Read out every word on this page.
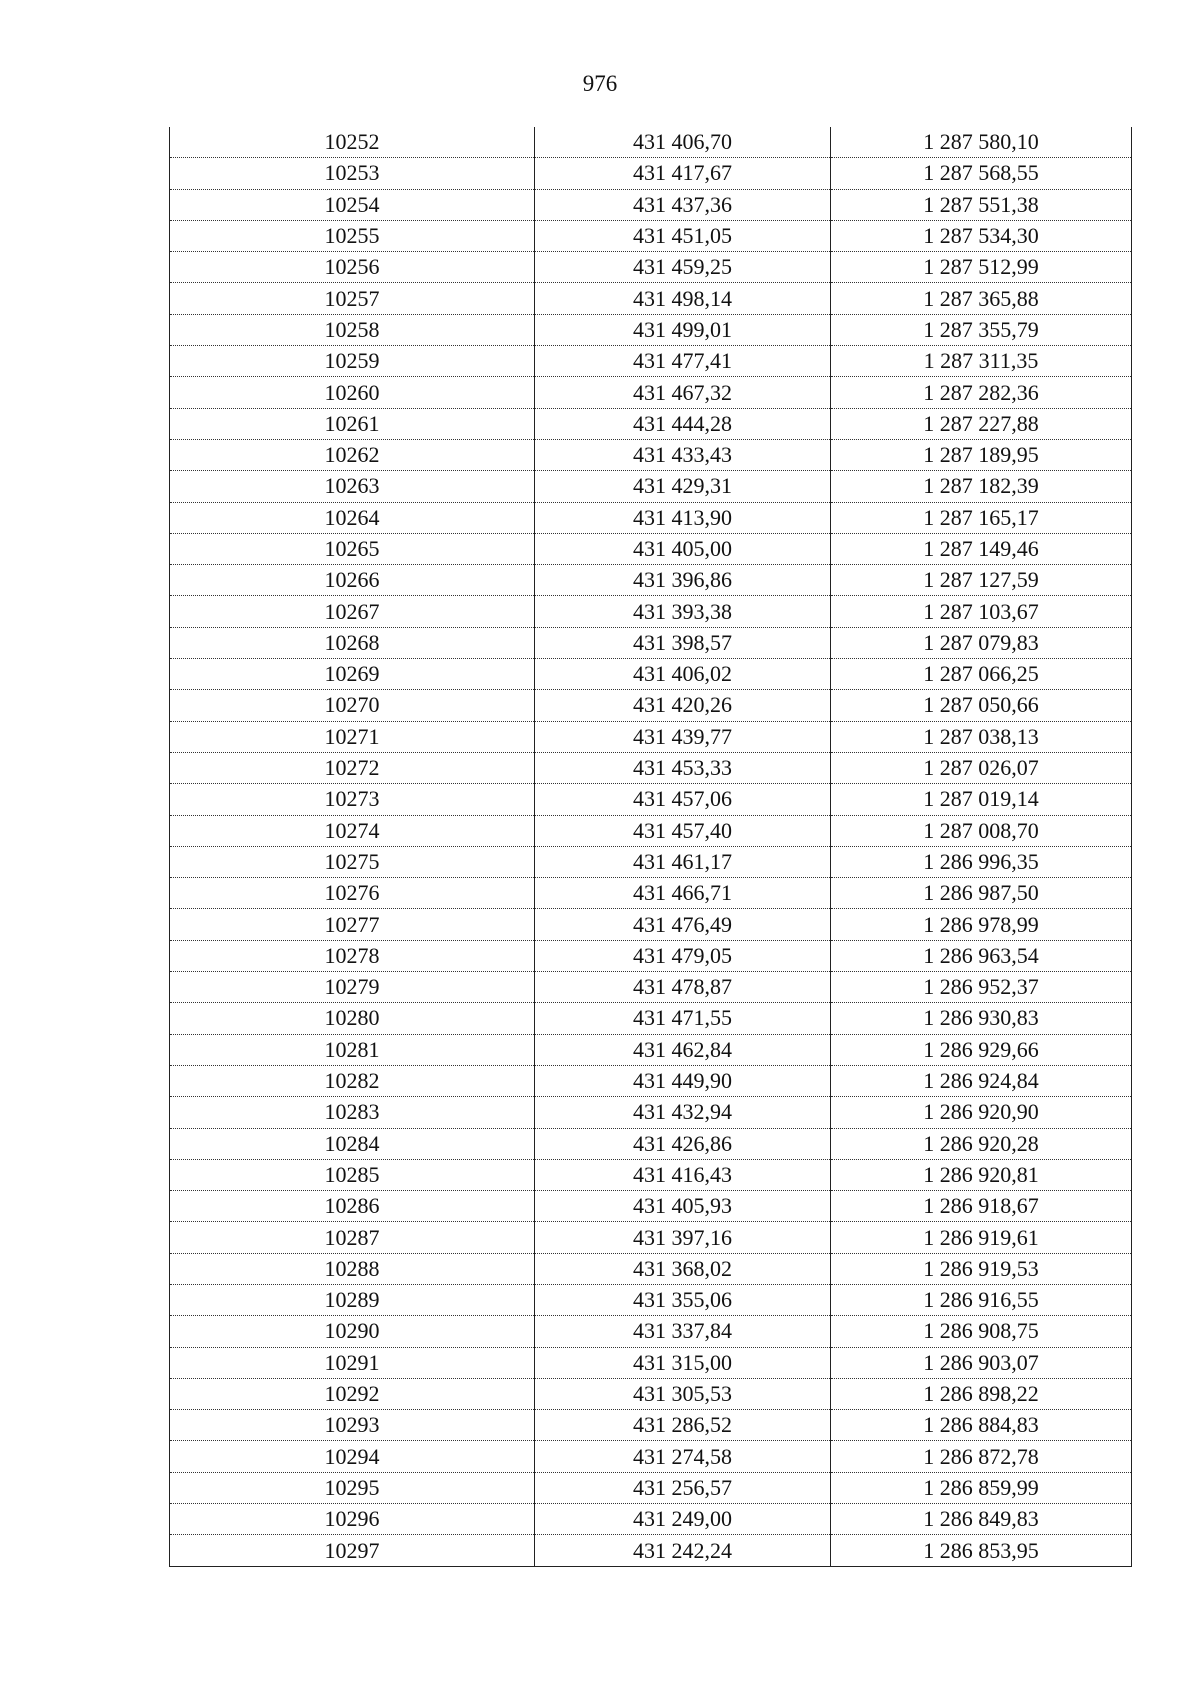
976
10252	431 406,70	1 287 580,10
10253	431 417,67	1 287 568,55
10254	431 437,36	1 287 551,38
10255	431 451,05	1 287 534,30
10256	431 459,25	1 287 512,99
10257	431 498,14	1 287 365,88
10258	431 499,01	1 287 355,79
10259	431 477,41	1 287 311,35
10260	431 467,32	1 287 282,36
10261	431 444,28	1 287 227,88
10262	431 433,43	1 287 189,95
10263	431 429,31	1 287 182,39
10264	431 413,90	1 287 165,17
10265	431 405,00	1 287 149,46
10266	431 396,86	1 287 127,59
10267	431 393,38	1 287 103,67
10268	431 398,57	1 287 079,83
10269	431 406,02	1 287 066,25
10270	431 420,26	1 287 050,66
10271	431 439,77	1 287 038,13
10272	431 453,33	1 287 026,07
10273	431 457,06	1 287 019,14
10274	431 457,40	1 287 008,70
10275	431 461,17	1 286 996,35
10276	431 466,71	1 286 987,50
10277	431 476,49	1 286 978,99
10278	431 479,05	1 286 963,54
10279	431 478,87	1 286 952,37
10280	431 471,55	1 286 930,83
10281	431 462,84	1 286 929,66
10282	431 449,90	1 286 924,84
10283	431 432,94	1 286 920,90
10284	431 426,86	1 286 920,28
10285	431 416,43	1 286 920,81
10286	431 405,93	1 286 918,67
10287	431 397,16	1 286 919,61
10288	431 368,02	1 286 919,53
10289	431 355,06	1 286 916,55
10290	431 337,84	1 286 908,75
10291	431 315,00	1 286 903,07
10292	431 305,53	1 286 898,22
10293	431 286,52	1 286 884,83
10294	431 274,58	1 286 872,78
10295	431 256,57	1 286 859,99
10296	431 249,00	1 286 849,83
10297	431 242,24	1 286 853,95
